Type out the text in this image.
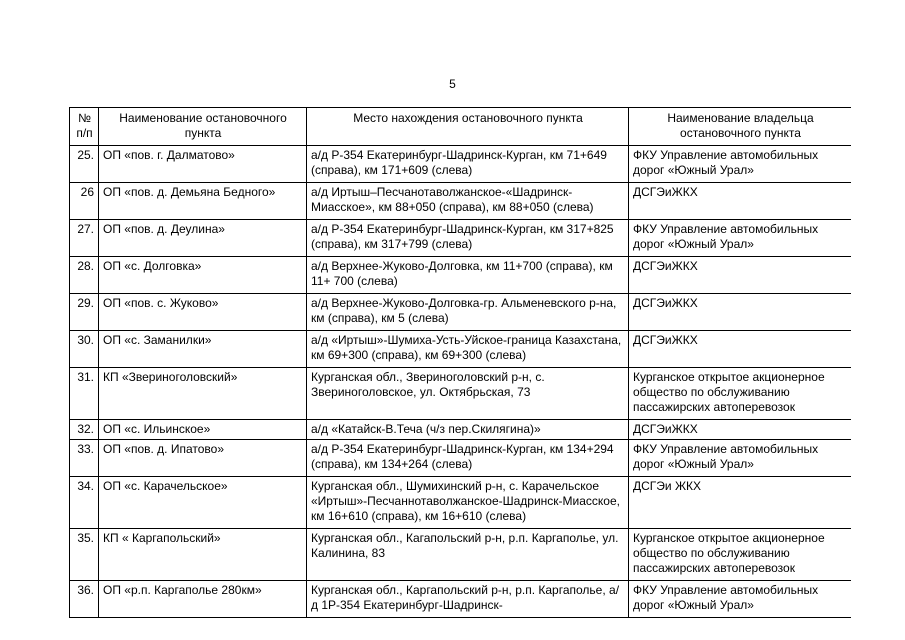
5
№ п/п	Наименование остановочного пункта	Место нахождения остановочного пункта	Наименование владельца остановочного пункта
25.	ОП «пов. г. Далматово»	а/д Р-354 Екатеринбург-Шадринск-Курган, км 71+649 (справа), км 171+609 (слева)	ФКУ Управление автомобильных дорог «Южный Урал»
26	ОП «пов. д. Демьяна Бедного»	а/д Иртыш–Песчанотаволжанское-«Шадринск-Миасское», км 88+050 (справа), км 88+050 (слева)	ДСГЭиЖКХ
27.	ОП «пов. д. Деулина»	а/д Р-354 Екатеринбург-Шадринск-Курган, км 317+825 (справа), км 317+799 (слева)	ФКУ Управление автомобильных дорог «Южный Урал»
28.	ОП «с. Долговка»	а/д Верхнее-Жуково-Долговка, км 11+700 (справа), км 11+ 700 (слева)	ДСГЭиЖКХ
29.	ОП «пов. с. Жуково»	а/д Верхнее-Жуково-Долговка-гр. Альменевского р-на, км (справа), км 5 (слева)	ДСГЭиЖКХ
30.	ОП «с. Заманилки»	а/д «Иртыш»-Шумиха-Усть-Уйское-граница Казахстана, км 69+300 (справа), км 69+300 (слева)	ДСГЭиЖКХ
31.	КП «Звериноголовский»	Курганская обл., Звериноголовский р-н, с. Звериноголовское, ул. Октябрьская, 73	Курганское открытое акционерное общество по обслуживанию пассажирских автоперевозок
32.	ОП «с. Ильинское»	а/д «Катайск-В.Теча (ч/з пер.Скилягина)»	ДСГЭиЖКХ
33.	ОП «пов. д. Ипатово»	а/д Р-354 Екатеринбург-Шадринск-Курган, км 134+294 (справа), км 134+264 (слева)	ФКУ Управление автомобильных дорог «Южный Урал»
34.	ОП «с. Карачельское»	Курганская обл., Шумихинский р-н, с. Карачельское «Иртыш»-Песчаннотаволжанское-Шадринск-Миасское, км 16+610 (справа), км 16+610 (слева)	ДСГЭи ЖКХ
35.	КП « Каргапольский»	Курганская обл., Кагапольский р-н, р.п. Каргаполье, ул. Калинина, 83	Курганское открытое акционерное общество по обслуживанию пассажирских автоперевозок
36.	ОП «р.п. Каргаполье 280км»	Курганская обл., Каргапольский р-н, р.п. Каргаполье, а/д 1Р-354 Екатеринбург-Шадринск-	ФКУ Управление автомобильных дорог «Южный Урал»
